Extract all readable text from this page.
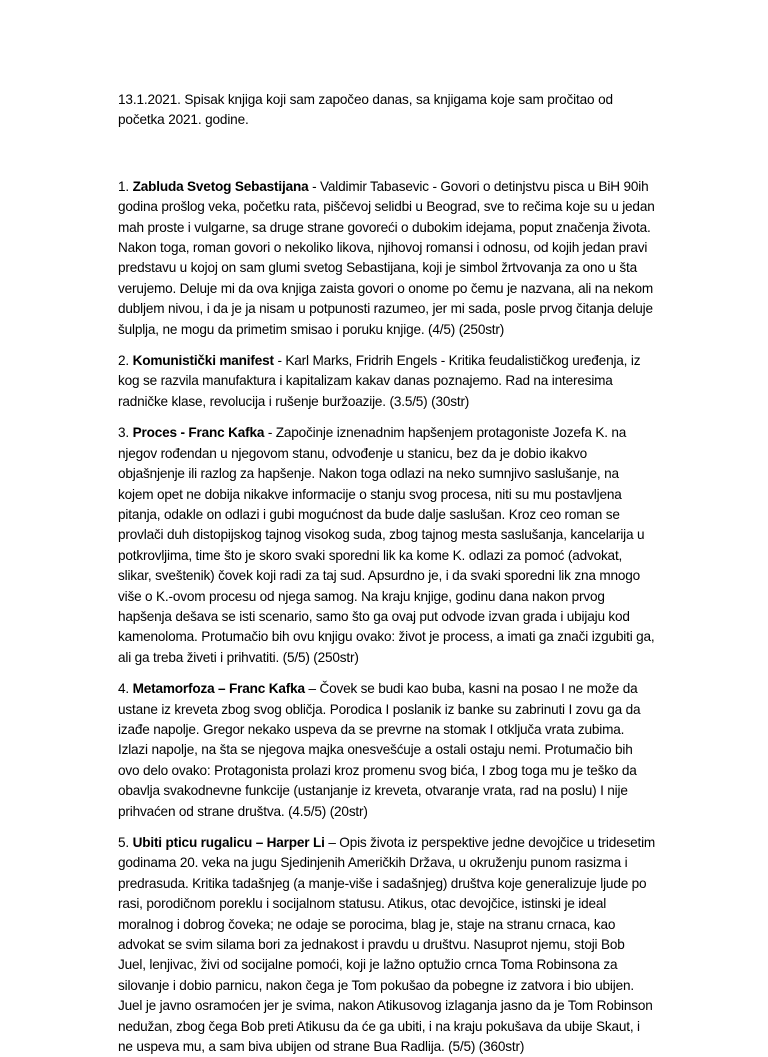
13.1.2021. Spisak knjiga koji sam započeo danas, sa knjigama koje sam pročitao od početka 2021. godine.

1. Zabluda Svetog Sebastijana - Valdimir Tabasevic - Govori o detinjstvu pisca u BiH 90ih godina prošlog veka, početku rata, piščevoj selidbi u Beograd, sve to rečima koje su u jedan mah proste i vulgarne, sa druge strane govoreći o dubokim idejama, poput značenja života. Nakon toga, roman govori o nekoliko likova, njihovoj romansi i odnosu, od kojih jedan pravi predstavu u kojoj on sam glumi svetog Sebastijana, koji je simbol žrtvovanja za ono u šta verujemo. Deluje mi da ova knjiga zaista govori o onome po čemu je nazvana, ali na nekom dubljem nivou, i da je ja nisam u potpunosti razumeo, jer mi sada, posle prvog čitanja deluje šulplja, ne mogu da primetim smisao i poruku knjige. (4/5) (250str)

2. Komunistički manifest - Karl Marks, Fridrih Engels - Kritika feudalističkog uređenja, iz kog se razvila manufaktura i kapitalizam kakav danas poznajemo. Rad na interesima radničke klase, revolucija i rušenje buržoazije. (3.5/5) (30str)

3. Proces - Franc Kafka - Započinje iznenadnim hapšenjem protagoniste Jozefa K. na njegov rođendan u njegovom stanu, odvođenje u stanicu, bez da je dobio ikakvo objašnjenje ili razlog za hapšenje. Nakon toga odlazi na neko sumnjivo saslušanje, na kojem opet ne dobija nikakve informacije o stanju svog procesa, niti su mu postavljena pitanja, odakle on odlazi i gubi mogućnost da bude dalje saslušan. Kroz ceo roman se provlači duh distopijskog tajnog visokog suda, zbog tajnog mesta saslušanja, kancelarija u potkrovljima, time što je skoro svaki sporedni lik ka kome K. odlazi za pomoć (advokat, slikar, sveštenik) čovek koji radi za taj sud. Apsurdno je, i da svaki sporedni lik zna mnogo više o K.-ovom procesu od njega samog. Na kraju knjige, godinu dana nakon prvog hapšenja dešava se isti scenario, samo što ga ovaj put odvode izvan grada i ubijaju kod kamenoloma. Protumačio bih ovu knjigu ovako: život je process, a imati ga znači izgubiti ga, ali ga treba živeti i prihvatiti. (5/5) (250str)

4. Metamorfoza – Franc Kafka – Čovek se budi kao buba, kasni na posao I ne može da ustane iz kreveta zbog svog obličja. Porodica I poslanik iz banke su zabrinuti I zovu ga da izađe napolje. Gregor nekako uspeva da se prevrne na stomak I otključa vrata zubima. Izlazi napolje, na šta se njegova majka onesvešćuje a ostali ostaju nemi. Protumačio bih ovo delo ovako: Protagonista prolazi kroz promenu svog bića, I zbog toga mu je teško da obavlja svakodnevne funkcije (ustanjanje iz kreveta, otvaranje vrata, rad na poslu) I nije prihvaćen od strane društva. (4.5/5) (20str)

5. Ubiti pticu rugalicu – Harper Li – Opis života iz perspektive jedne devojčice u tridesetim godinama 20. veka na jugu Sjedinjenih Američkih Država, u okruženju punom rasizma i predrasuda. Kritika tadašnjeg (a manje-više i sadašnjeg) društva koje generalizuje ljude po rasi, porodičnom poreklu i socijalnom statusu. Atikus, otac devojčice, istinski je ideal moralnog i dobrog čoveka; ne odaje se porocima, blag je, staje na stranu crnaca, kao advokat se svim silama bori za jednakost i pravdu u društvu. Nasuprot njemu, stoji Bob Juel, lenjivac, živi od socijalne pomoći, koji je lažno optužio crnca Toma Robinsona za silovanje i dobio parnicu, nakon čega je Tom pokušao da pobegne iz zatvora i bio ubijen. Juel je javno osramoćen jer je svima, nakon Atikusovog izlaganja jasno da je Tom Robinson nedužan, zbog čega Bob preti Atikusu da će ga ubiti, i na kraju pokušava da ubije Skaut, i ne uspeva mu, a sam biva ubijen od strane Bua Radlija. (5/5) (360str)
